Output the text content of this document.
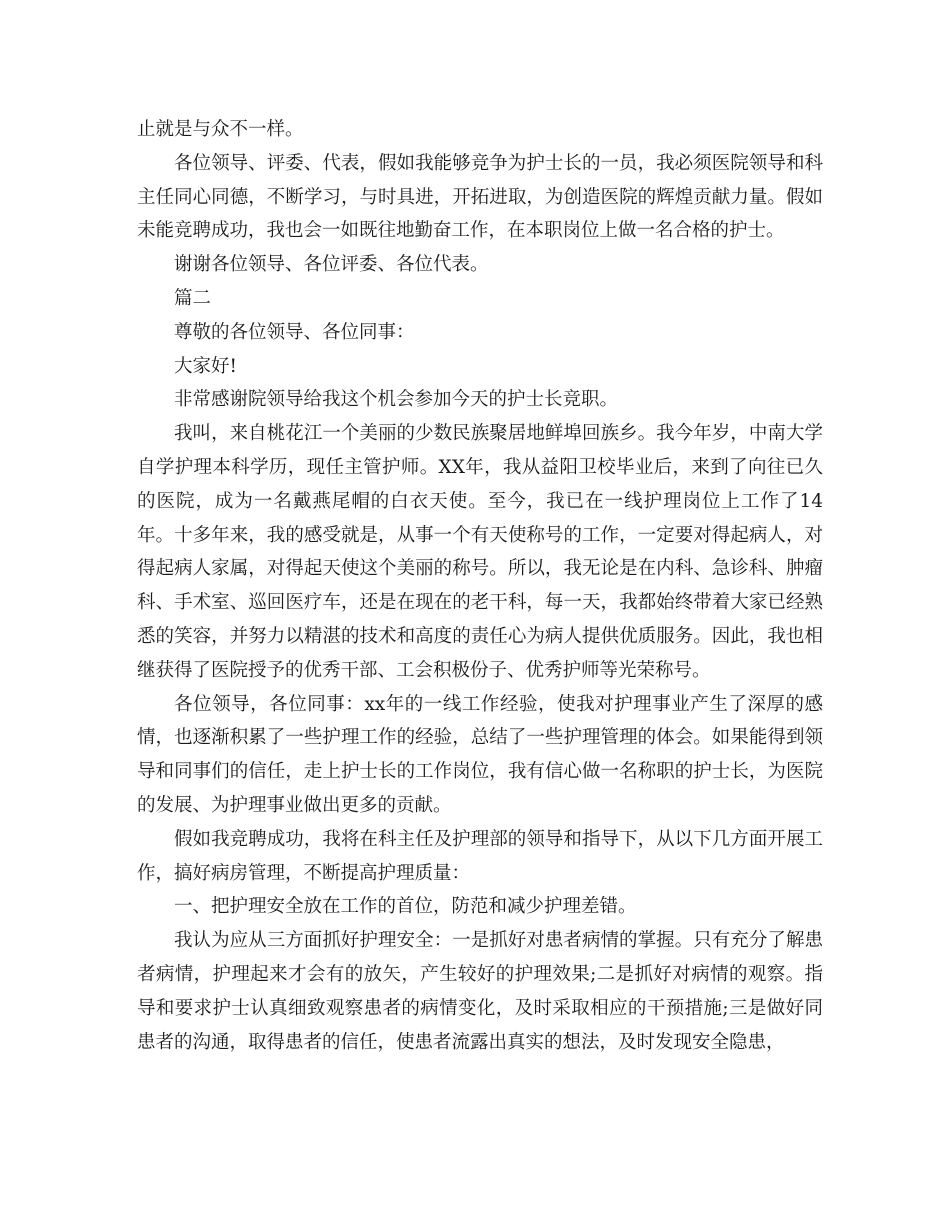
止就是与众不一样。

各位领导、评委、代表，假如我能够竞争为护士长的一员，我必须医院领导和科主任同心同德，不断学习，与时具进，开拓进取，为创造医院的辉煌贡献力量。假如未能竞聘成功，我也会一如既往地勤奋工作，在本职岗位上做一名合格的护士。

谢谢各位领导、各位评委、各位代表。

篇二

尊敬的各位领导、各位同事：

大家好!

非常感谢院领导给我这个机会参加今天的护士长竞职。

我叫，来自桃花江一个美丽的少数民族聚居地鲜埠回族乡。我今年岁，中南大学自学护理本科学历，现任主管护师。XX年，我从益阳卫校毕业后，来到了向往已久的医院，成为一名戴燕尾帽的白衣天使。至今，我已在一线护理岗位上工作了14年。十多年来，我的感受就是，从事一个有天使称号的工作，一定要对得起病人，对得起病人家属，对得起天使这个美丽的称号。所以，我无论是在内科、急诊科、肿瘤科、手术室、巡回医疗车，还是在现在的老干科，每一天，我都始终带着大家已经熟悉的笑容，并努力以精湛的技术和高度的责任心为病人提供优质服务。因此，我也相继获得了医院授予的优秀干部、工会积极份子、优秀护师等光荣称号。

各位领导，各位同事：xx年的一线工作经验，使我对护理事业产生了深厚的感情，也逐渐积累了一些护理工作的经验，总结了一些护理管理的体会。如果能得到领导和同事们的信任，走上护士长的工作岗位，我有信心做一名称职的护士长，为医院的发展、为护理事业做出更多的贡献。

假如我竞聘成功，我将在科主任及护理部的领导和指导下，从以下几方面开展工作，搞好病房管理，不断提高护理质量：

一、把护理安全放在工作的首位，防范和减少护理差错。

我认为应从三方面抓好护理安全：一是抓好对患者病情的掌握。只有充分了解患者病情，护理起来才会有的放矢，产生较好的护理效果;二是抓好对病情的观察。指导和要求护士认真细致观察患者的病情变化，及时采取相应的干预措施;三是做好同患者的沟通，取得患者的信任，使患者流露出真实的想法，及时发现安全隐患，
